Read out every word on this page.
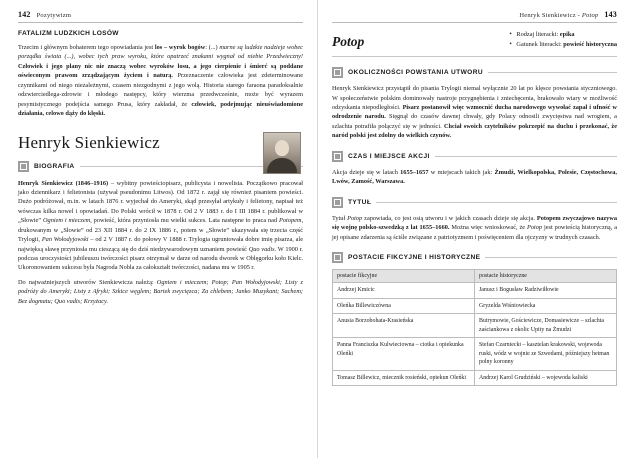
142 Pozytywizm
FATALIZM LUDZKICH LOSÓW

Trzecim i głównym bohaterem tego opowiadania jest los – wyrok bogów: (...) marne są ludzkie nadzieje wobec porządku świata (...), wobec tych praw wyroku, które opatrzeć znakami wygnał od niebie Przedwieczny! Człowiek i jego plany nic nie znaczą wobec wyroków losu, a jego cierpienie i śmierć są poddane oświeconym prawom zrządzającym życiem i naturą. Przeznaczenie człowieka jest zdeterminowane czynnikami od niego niezależnymi, czasem niezgodnymi z jego wolą. Historia starego faraona paradoksalnie odzwierciedlega-zdrowie i młodego następcy, który wierzma przedwcześnie, może być wyrazem pesymistycznego podejścia samego Prusa, który zakładał, że człowiek, podejmując nieuświadomione działania, celowo dąży do klęski.

Henryk Sienkiewicz
BIOGRAFIA

Henryk Sienkiewicz (1846–1916) – wybitny powieściopisarz, publicysta i nowelista. Początkowo pracował jako dziennikarz i felietonista (używał pseudonimu Litwos). Od 1872 r. zajął się również pisaniem powieści. Dużo podróżował, m.in. w latach 1876 r. wyjechał do Ameryki, skąd przesyłał artykuły i felietony, napisał też wówczas kilka nowel i opowiadań. Do Polski wrócił w 1878 r. Od 2 V 1883 r. do I III 1884 r. publikował w „Słowie” Ogniem i mieczem, powieść, która przyniosła mu wielki sukces. Lata następne to praca nad Potopem, drukowanym w „Słowie” od 23 XII 1884 r. do 2 IX 1886 r., potem w „Słowie” ukazywała się trzecia część Trylogii, Pan Wołodyjowski – od 2 V 1887 r. do połowy V 1888 r. Trylogia ugruntowała dobre imię pisarza, ale najwięksą sławę przyniosła mu cieszącą się do dziś niedzywarodowym uznaniem powieść Quo vadis. W 1900 r. podczas uroczystości jubileuszu twórczości pisarz otrzymał w darze od narodu dworek w Oblęgorku koło Kielc. Ukoronowaniem sukcesu była Nagroda Nobla za całokształt twórczości, nadana mu w 1905 r.

Do najważniejszych utworów Sienkiewicza należą: Ogniem i mieczem; Potop; Pan Wołodyjowski; Listy z podróży do Ameryki; Listy z Afryki; Szkice węglem; Bartek zwycięzca; Za chlebem; Janko Muzykant; Sachem; Bez dogmatu; Quo vadis; Krzyżacy.

Henryk Sienkiewicz - Potop 143
Potop	• Rodzaj literacki: epika
• Gatunek literacki: powieść historyczna
OKOLICZNOŚCI POWSTANIA UTWORU

Henryk Sienkiewicz przystąpił do pisania Trylogii niemal wyłącznie 20 lat po klęsce powstania styczniowego. W społeczeństwie polskim dominowały nastroje przygnębienia i zniechęcenia, brakowało wiary w możliwość odzyskania niepodległości. Pisarz postanowił więc wzmocnić ducha narodowego wywołać zapał i ufność w odrodzenie narodu. Sięgnął do czasów dawnej chwały, gdy Polacy odnosili zwycięstwa nad wrogiem, a szlachta potrafiła połączyć się w jedności. Chciał swoich czytelników pokrzepić na duchu i przekonać, że naród polski jest zdolny do wielkich czynów.

CZAS I MIEJSCE AKCJI

Akcja dzieje się w latach 1655–1657 w miejscach takich jak: Żmudź, Wielkopolska, Polesie, Częstochowa, Lwów, Zamość, Warszawa.

TYTUŁ

Tytuł Potop zapowiada, co jest osią utworu i w jakich czasach dzieje się akcja. Potopem zwyczajowo nazywa się wojnę polsko-szwedzką z lat 1655–1660. Można więc wnioskować, że Potop jest powieścią historyczną, a jej opisane zdarzenia są ściśle związane z patriotyzmem i poświęceniem dla ojczyzny w trudnych czasach.

POSTACIE FIKCYJNE I HISTORYCZNE
postacie fikcyjne	postacie historyczne
Andrzej Kmicic	Janusz i Bogusław Radziwiłłowie
Oleńka Billewiczówna	Gryzelda Wiśniowiecka
Anusia Borzobohata-Krasieńska	Butrymowie, Gościewicze, Domasiewicze – szlachta zaściankowa z okolic Upity na Żmudzi
Panna Franciszka Kulwieciowna – ciotka i opiekunka Oleńki	Stefan Czarniecki – kasztelan krakowski, wojewoda ruski, wódz w wojnie ze Szwedami, późniejszy hetman polny koronny
Tomasz Billewicz, miecznik rosieński, opiekun Oleńki	Andrzej Karol Grudziński – wojewoda kaliski
